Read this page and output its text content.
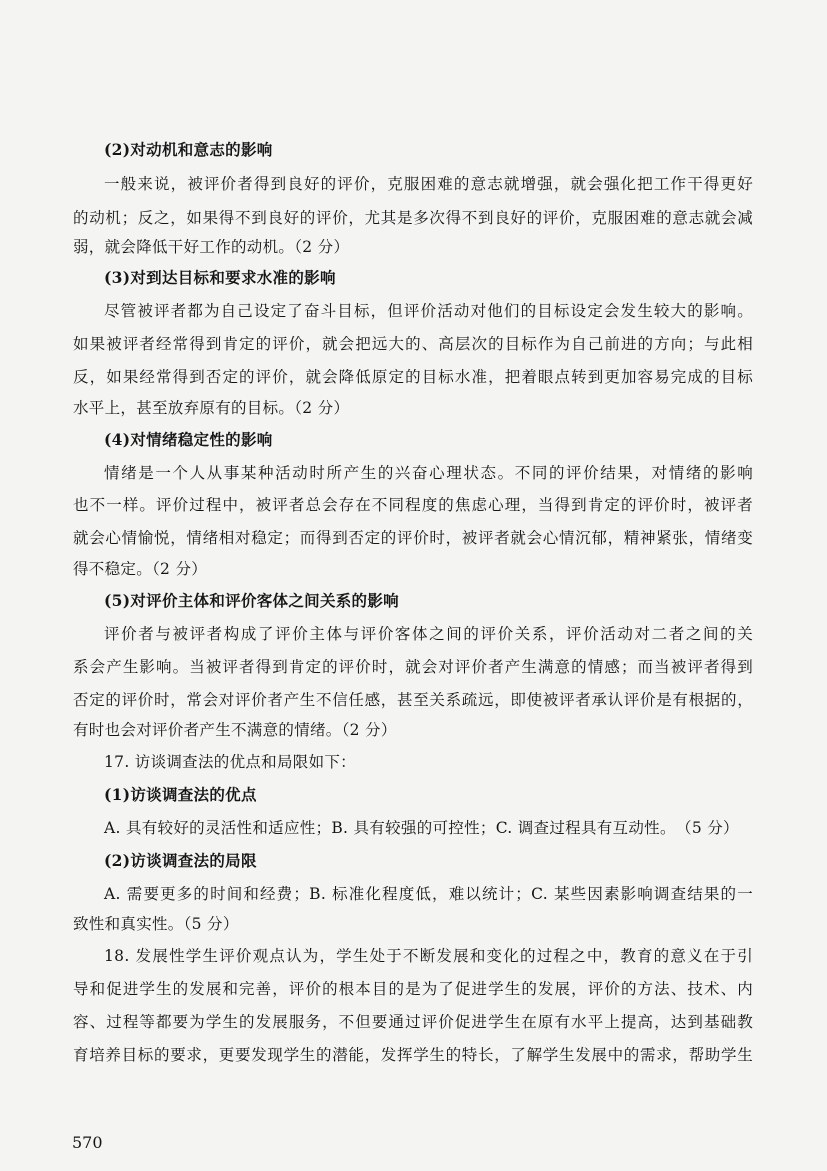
(2)对动机和意志的影响
一般来说，被评价者得到良好的评价，克服困难的意志就增强，就会强化把工作干得更好
的动机；反之，如果得不到良好的评价，尤其是多次得不到良好的评价，克服困难的意志就会减
弱，就会降低干好工作的动机。（2 分）
(3)对到达目标和要求水准的影响
尽管被评者都为自己设定了奋斗目标，但评价活动对他们的目标设定会发生较大的影响。
如果被评者经常得到肯定的评价，就会把远大的、高层次的目标作为自己前进的方向；与此相
反，如果经常得到否定的评价，就会降低原定的目标水准，把着眼点转到更加容易完成的目标
水平上，甚至放弃原有的目标。（2 分）
(4)对情绪稳定性的影响
情绪是一个人从事某种活动时所产生的兴奋心理状态。不同的评价结果，对情绪的影响
也不一样。评价过程中，被评者总会存在不同程度的焦虑心理，当得到肯定的评价时，被评者
就会心情愉悦，情绪相对稳定；而得到否定的评价时，被评者就会心情沉郁，精神紧张，情绪变
得不稳定。（2 分）
(5)对评价主体和评价客体之间关系的影响
评价者与被评者构成了评价主体与评价客体之间的评价关系，评价活动对二者之间的关
系会产生影响。当被评者得到肯定的评价时，就会对评价者产生满意的情感；而当被评者得到
否定的评价时，常会对评价者产生不信任感，甚至关系疏远，即使被评者承认评价是有根据的，
有时也会对评价者产生不满意的情绪。（2 分）
17. 访谈调查法的优点和局限如下：
(1)访谈调查法的优点
A. 具有较好的灵活性和适应性；B. 具有较强的可控性；C. 调查过程具有互动性。　（5 分）
(2)访谈调查法的局限
A. 需要更多的时间和经费；B. 标准化程度低，难以统计；C. 某些因素影响调查结果的一
致性和真实性。（5 分）
18. 发展性学生评价观点认为，学生处于不断发展和变化的过程之中，教育的意义在于引
导和促进学生的发展和完善，评价的根本目的是为了促进学生的发展，评价的方法、技术、内
容、过程等都要为学生的发展服务，不但要通过评价促进学生在原有水平上提高，达到基础教
育培养目标的要求，更要发现学生的潜能，发挥学生的特长，了解学生发展中的需求，帮助学生
570
